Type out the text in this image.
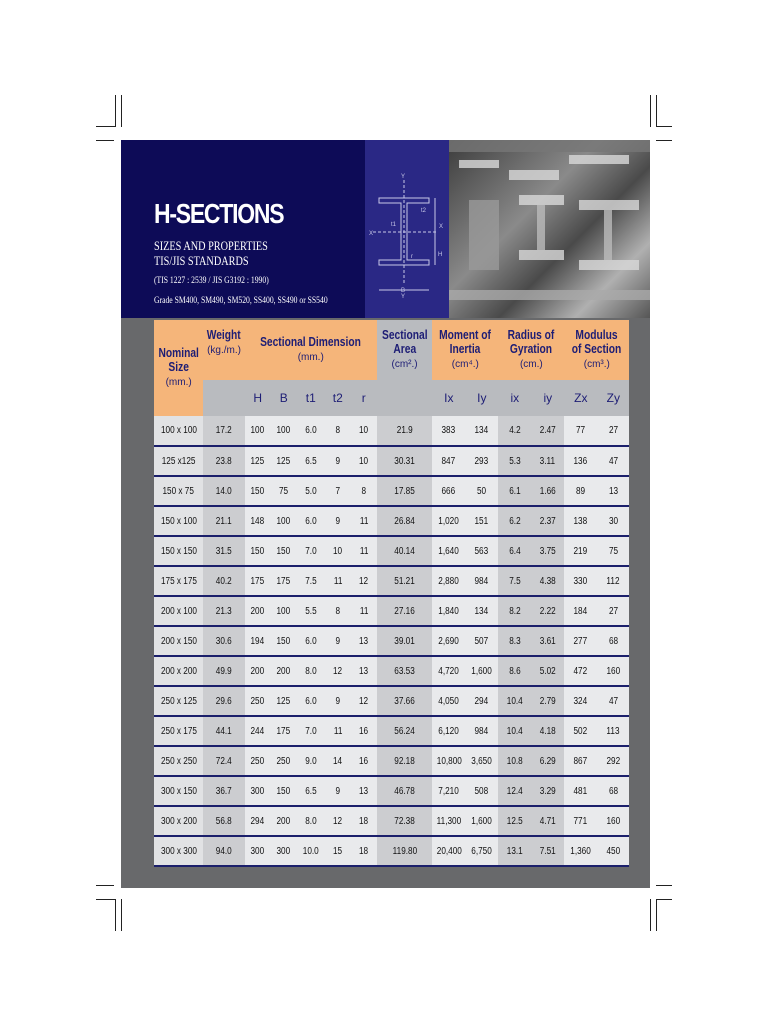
H-SECTIONS
SIZES AND PROPERTIES
TIS/JIS STANDARDS
(TIS 1227 : 2539 / JIS G3192 : 1990)
Grade SM400, SM490, SM520, SS400, SS490 or SS540
Y
Y
X
X
t1
t2
r	H
B
Nominal Size
(mm.)	Weight
(kg./m.)	Sectional Dimension
(mm.)					Sectional Area
(cm².)	Moment of Inertia
(cm⁴.)		Radius of Gyration
(cm.)		Modulus of Section
(cm³.)	

		H	B	t1	t2	r		Ix	Iy	ix	iy	Zx	Zy
100 x 100	17.2	100	100	6.0	8	10	21.9	383	134	4.2	2.47	77	27
125 x125	23.8	125	125	6.5	9	10	30.31	847	293	5.3	3.11	136	47
150 x 75	14.0	150	75	5.0	7	8	17.85	666	50	6.1	1.66	89	13
150 x 100	21.1	148	100	6.0	9	11	26.84	1,020	151	6.2	2.37	138	30
150 x 150	31.5	150	150	7.0	10	11	40.14	1,640	563	6.4	3.75	219	75
175 x 175	40.2	175	175	7.5	11	12	51.21	2,880	984	7.5	4.38	330	112
200 x 100	21.3	200	100	5.5	8	11	27.16	1,840	134	8.2	2.22	184	27
200 x 150	30.6	194	150	6.0	9	13	39.01	2,690	507	8.3	3.61	277	68
200 x 200	49.9	200	200	8.0	12	13	63.53	4,720	1,600	8.6	5.02	472	160
250 x 125	29.6	250	125	6.0	9	12	37.66	4,050	294	10.4	2.79	324	47
250 x 175	44.1	244	175	7.0	11	16	56.24	6,120	984	10.4	4.18	502	113
250 x 250	72.4	250	250	9.0	14	16	92.18	10,800	3,650	10.8	6.29	867	292
300 x 150	36.7	300	150	6.5	9	13	46.78	7,210	508	12.4	3.29	481	68
300 x 200	56.8	294	200	8.0	12	18	72.38	11,300	1,600	12.5	4.71	771	160
300 x 300	94.0	300	300	10.0	15	18	119.80	20,400	6,750	13.1	7.51	1,360	450
